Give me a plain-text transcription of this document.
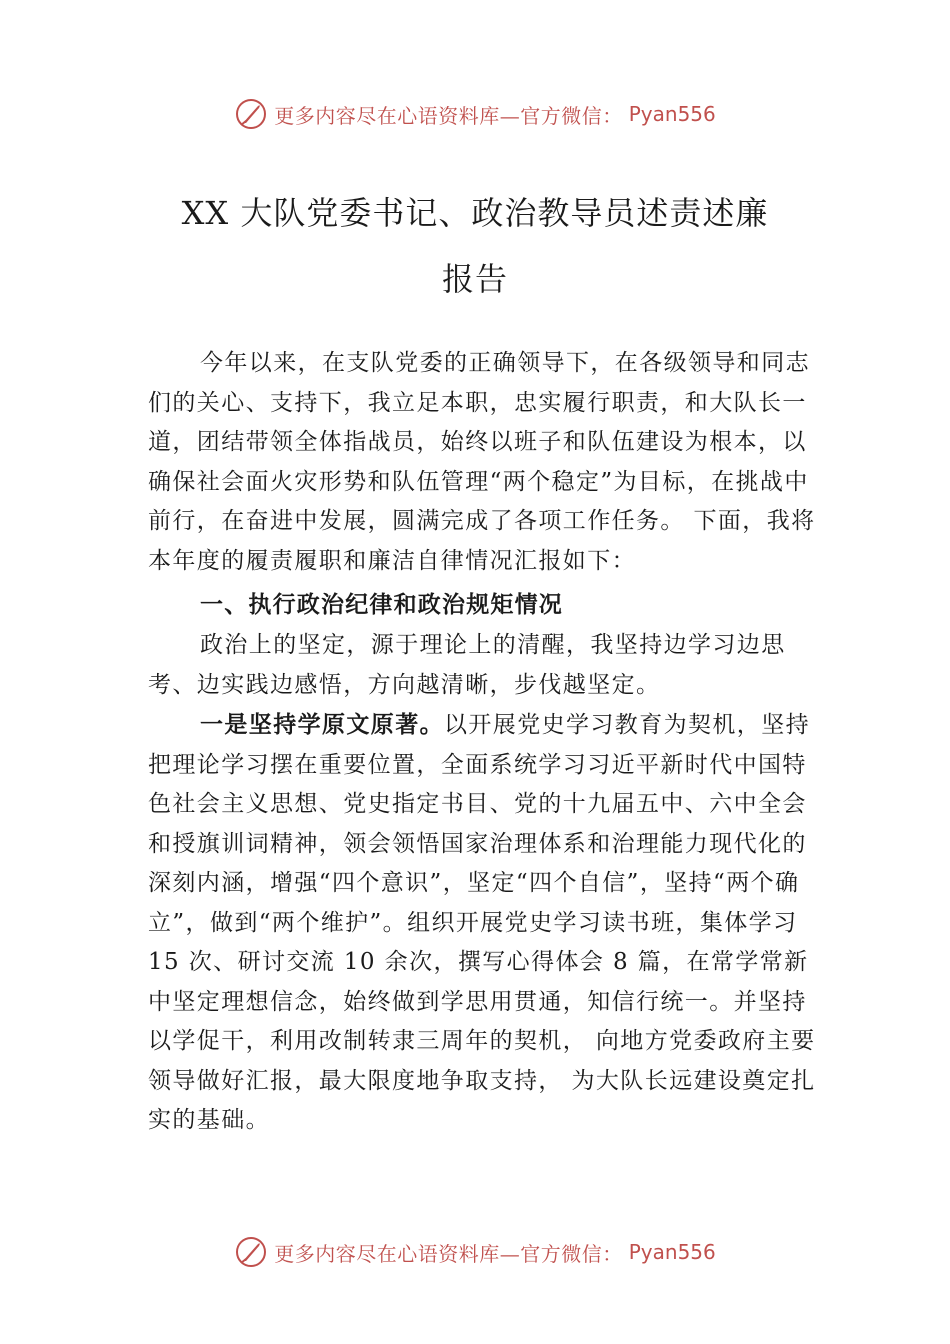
更多内容尽在心语资料库—官方微信： Pyan556
XX 大队党委书记、政治教导员述责述廉
报告

今年以来，在支队党委的正确领导下，在各级领导和同志们的关心、支持下，我立足本职，忠实履行职责，和大队长一道，团结带领全体指战员，始终以班子和队伍建设为根本，以确保社会面火灾形势和队伍管理“两个稳定”为目标，在挑战中前行，在奋进中发展，圆满完成了各项工作任务。 下面，我将本年度的履责履职和廉洁自律情况汇报如下：

一、执行政治纪律和政治规矩情况

政治上的坚定，源于理论上的清醒，我坚持边学习边思考、边实践边感悟，方向越清晰，步伐越坚定。

一是坚持学原文原著。以开展党史学习教育为契机，坚持把理论学习摆在重要位置，全面系统学习习近平新时代中国特色社会主义思想、党史指定书目、党的十九届五中、六中全会和授旗训词精神，领会领悟国家治理体系和治理能力现代化的深刻内涵，增强“四个意识”，坚定“四个自信”，坚持“两个确立”，做到“两个维护”。组织开展党史学习读书班，集体学习 15 次、研讨交流 10 余次，撰写心得体会 8 篇，在常学常新中坚定理想信念，始终做到学思用贯通，知信行统一。并坚持以学促干，利用改制转隶三周年的契机， 向地方党委政府主要领导做好汇报，最大限度地争取支持， 为大队长远建设奠定扎实的基础。

更多内容尽在心语资料库—官方微信： Pyan556
